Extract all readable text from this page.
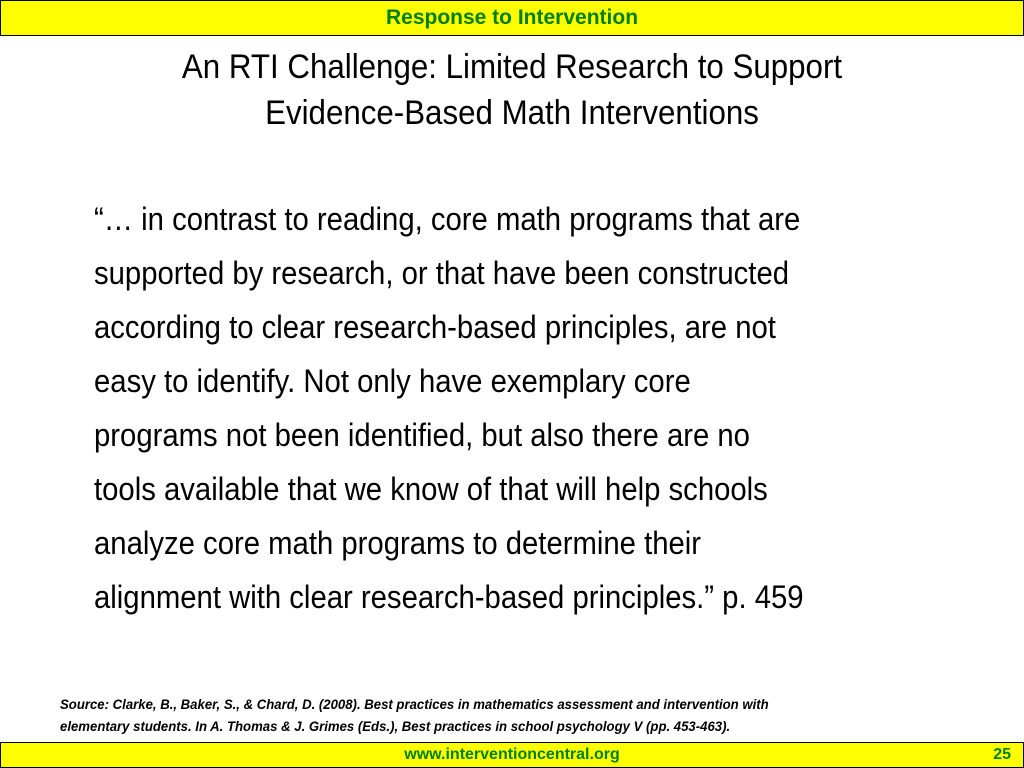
Response to Intervention
An RTI Challenge: Limited Research to Support
Evidence-Based Math Interventions
“… in contrast to reading, core math programs that are
supported by research, or that have been constructed
according to clear research-based principles, are not
easy to identify. Not only have exemplary core
programs not been identified, but also there are no
tools available that we know of that will help schools
analyze core math programs to determine their
alignment with clear research-based principles.” p. 459
Source: Clarke, B., Baker, S., & Chard, D. (2008). Best practices in mathematics assessment and intervention with
elementary students. In A. Thomas & J. Grimes (Eds.), Best practices in school psychology V (pp. 453-463).
www.interventioncentral.org	25
